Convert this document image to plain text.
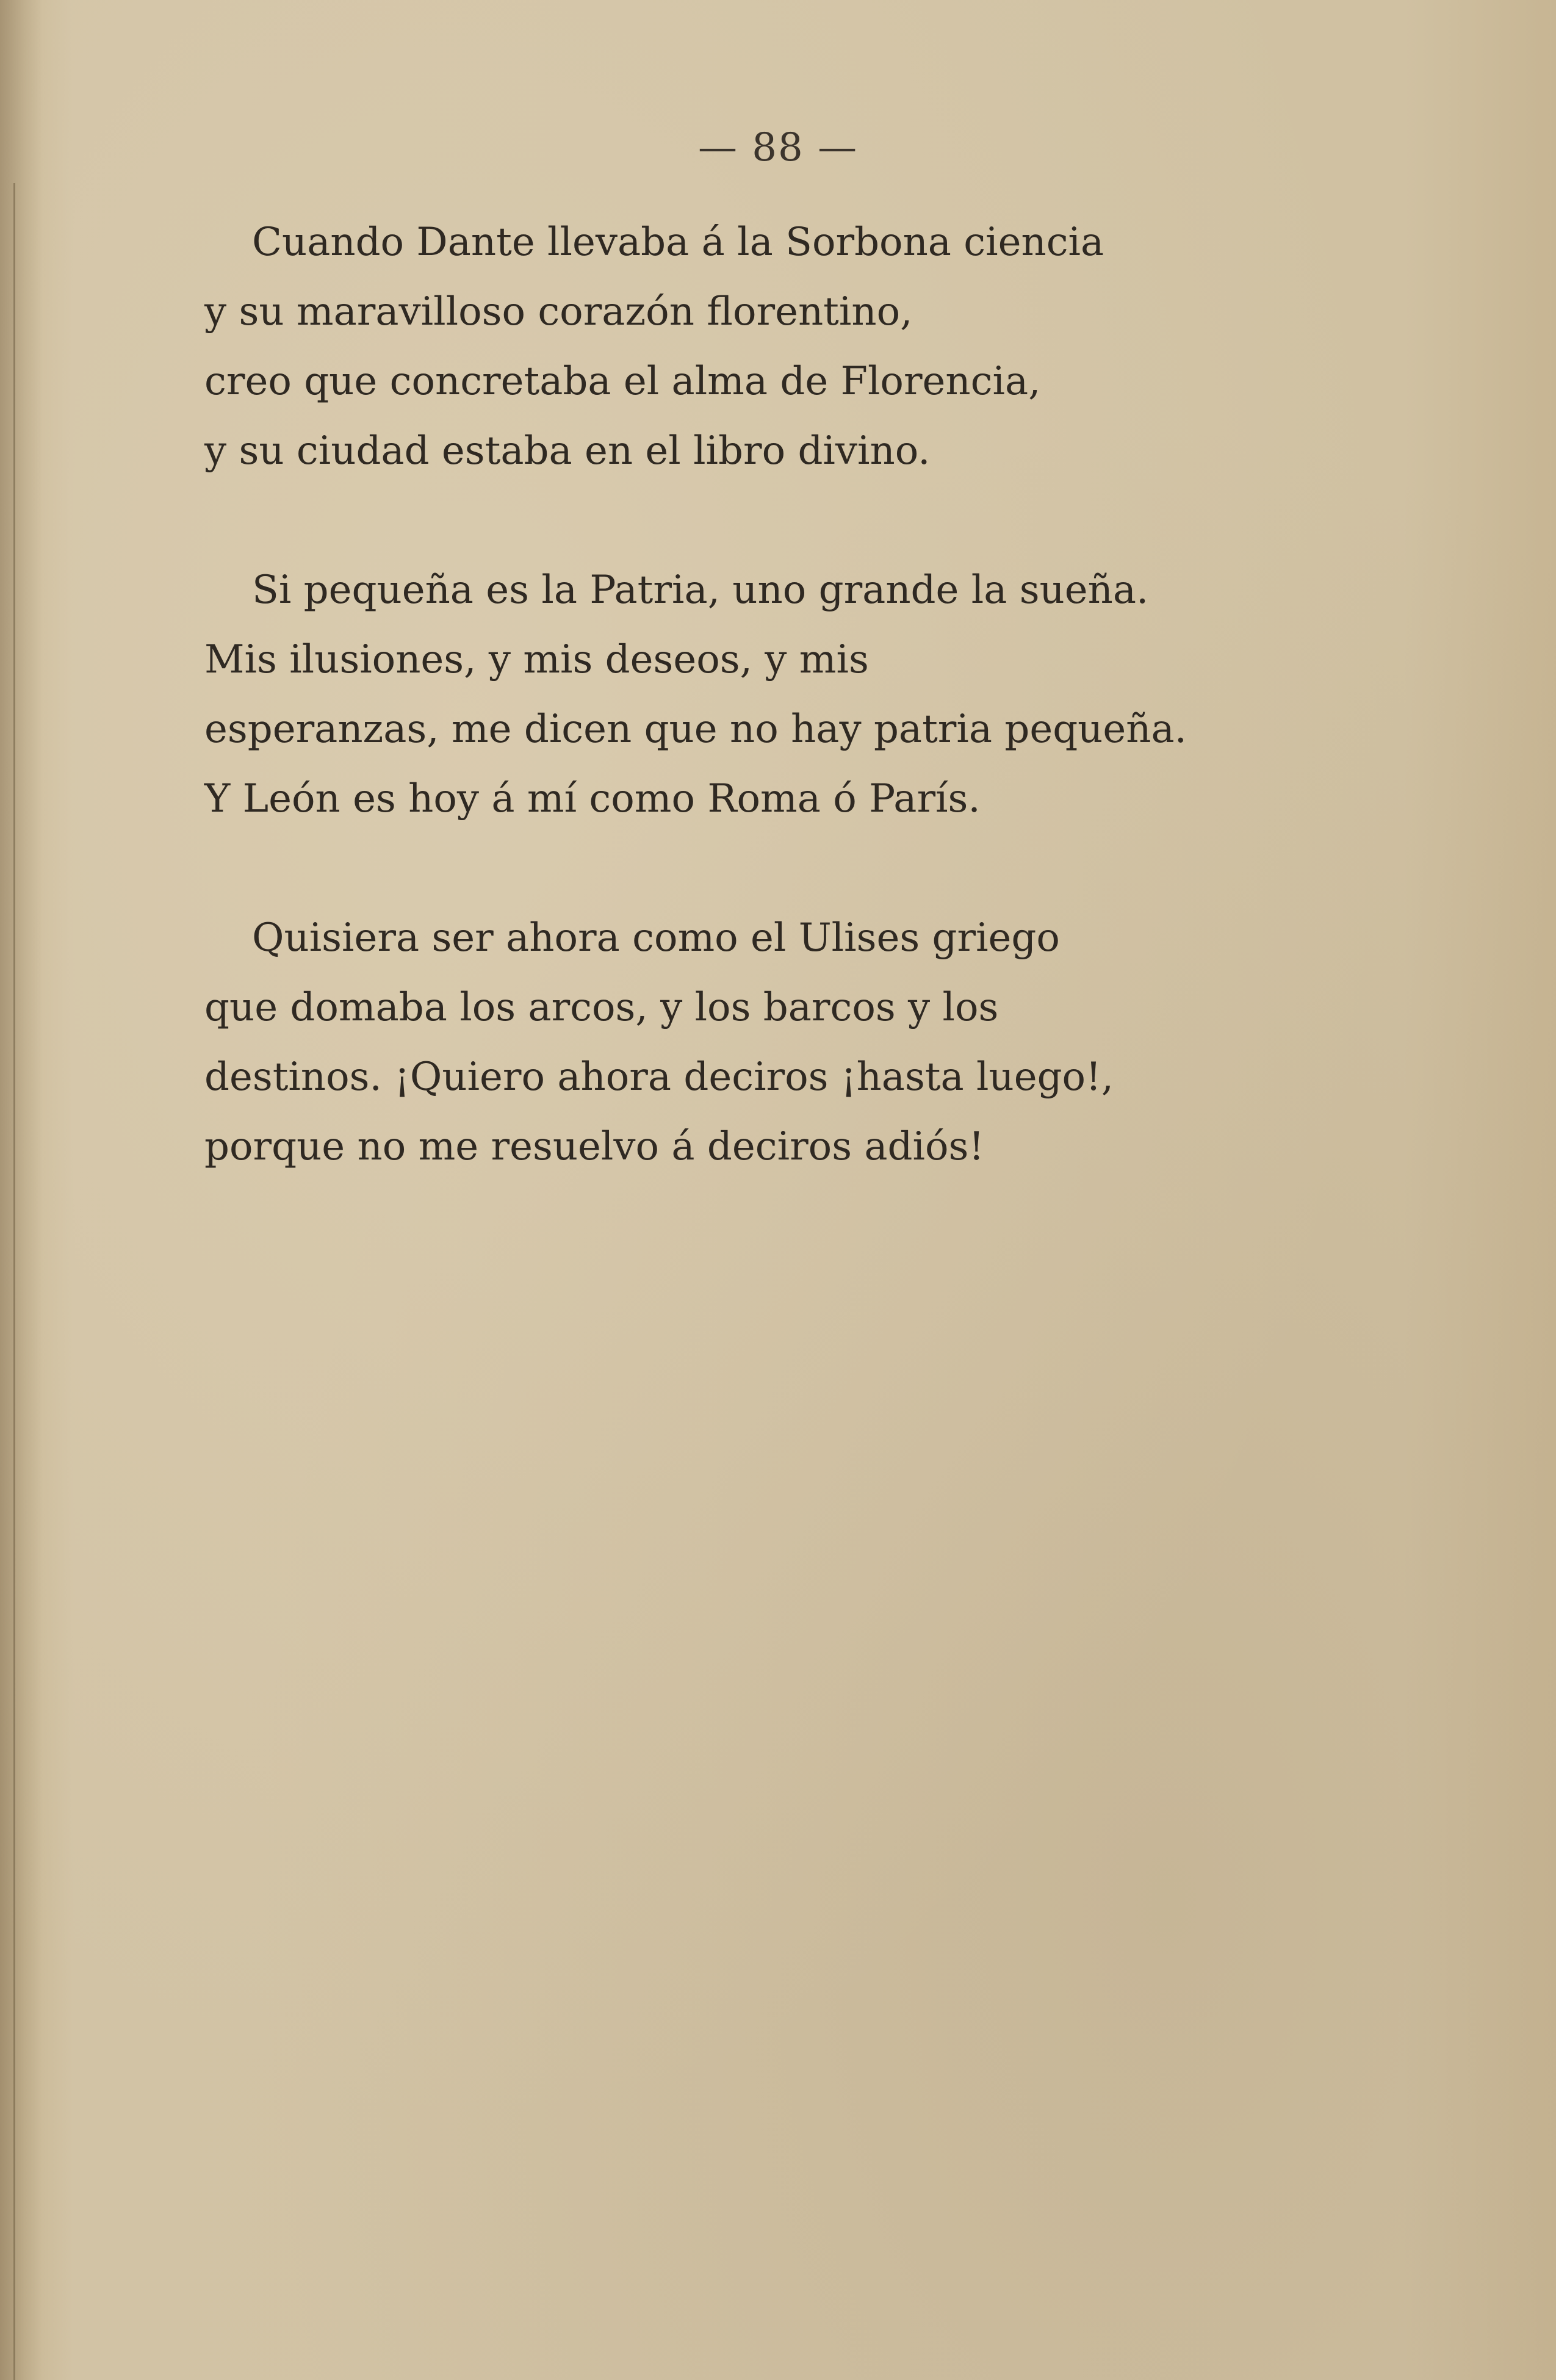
— 88 —
Cuando Dante llevaba á la Sorbona ciencia
y su maravilloso corazón florentino,
creo que concretaba el alma de Florencia,
y su ciudad estaba en el libro divino.
Si pequeña es la Patria, uno grande la sueña.
Mis ilusiones, y mis deseos, y mis
esperanzas, me dicen que no hay patria pequeña.
Y León es hoy á mí como Roma ó París.
Quisiera ser ahora como el Ulises griego
que domaba los arcos, y los barcos y los
destinos. ¡Quiero ahora deciros ¡hasta luego!,
porque no me resuelvo á deciros adiós!
